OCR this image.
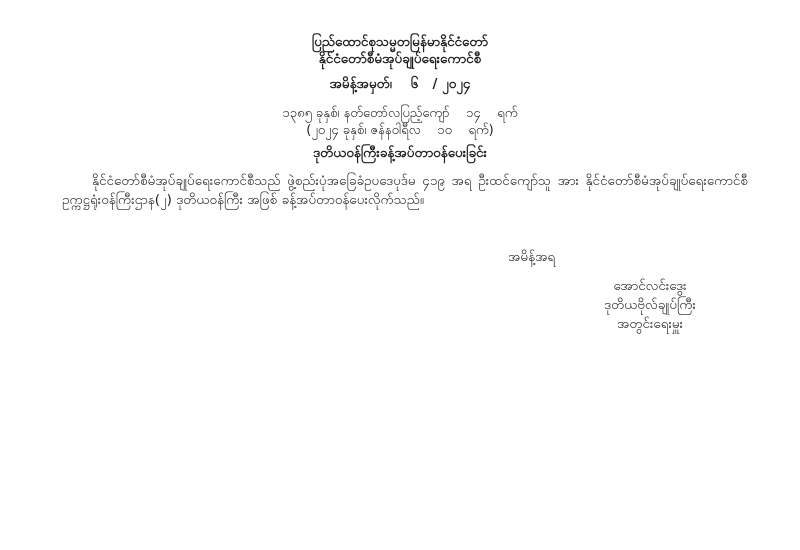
ပြည်ထောင်စုသမ္မတမြန်မာနိုင်ငံတော်
နိုင်ငံတော်စီမံအုပ်ချုပ်ရေးကောင်စီ
အမိန့်အမှတ်၊    ၆   / ၂၀၂၄
၁၃၈၅ ခုနှစ်၊ နတ်တော်လပြည့်ကျော်    ၁၄    ရက်
(၂၀၂၄ ခုနှစ်၊ ဇန်နဝါရီလ    ၁၀    ရက်)
ဒုတိယဝန်ကြီးခန့်အပ်တာဝန်ပေးခြင်း

နိုင်ငံတော်စီမံအုပ်ချုပ်ရေးကောင်စီသည် ဖွဲ့စည်းပုံအခြေခံဥပဒေပုဒ်မ ၄၁၉ အရ ဦးထင်ကျော်သူ အား နိုင်ငံတော်စီမံအုပ်ချုပ်ရေးကောင်စီဥက္ကဋ္ဌရုံးဝန်ကြီးဌာန(၂) ဒုတိယဝန်ကြီး အဖြစ် ခန့်အပ်တာဝန်ပေးလိုက်သည်။

အမိန့်အရ
အောင်လင်းဒွေး
ဒုတိယဗိုလ်ချုပ်ကြီး
အတွင်းရေးမှူး
